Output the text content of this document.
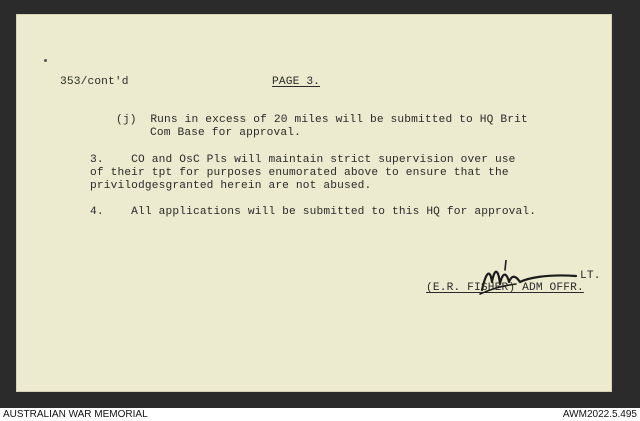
353/cont'd	PAGE 3.
(j)  Runs in excess of 20 miles will be submitted to HQ Brit
Com Base for approval.
3.    CO and OsC Pls will maintain strict supervision over use
of their tpt for purposes enumorated above to ensure that the
privilodgesgranted herein are not abused.
4.    All applications will be submitted to this HQ for approval.
LT.
(E.R. FISHER) ADM OFFR.
AUSTRALIAN WAR MEMORIAL	AWM2022.5.495
